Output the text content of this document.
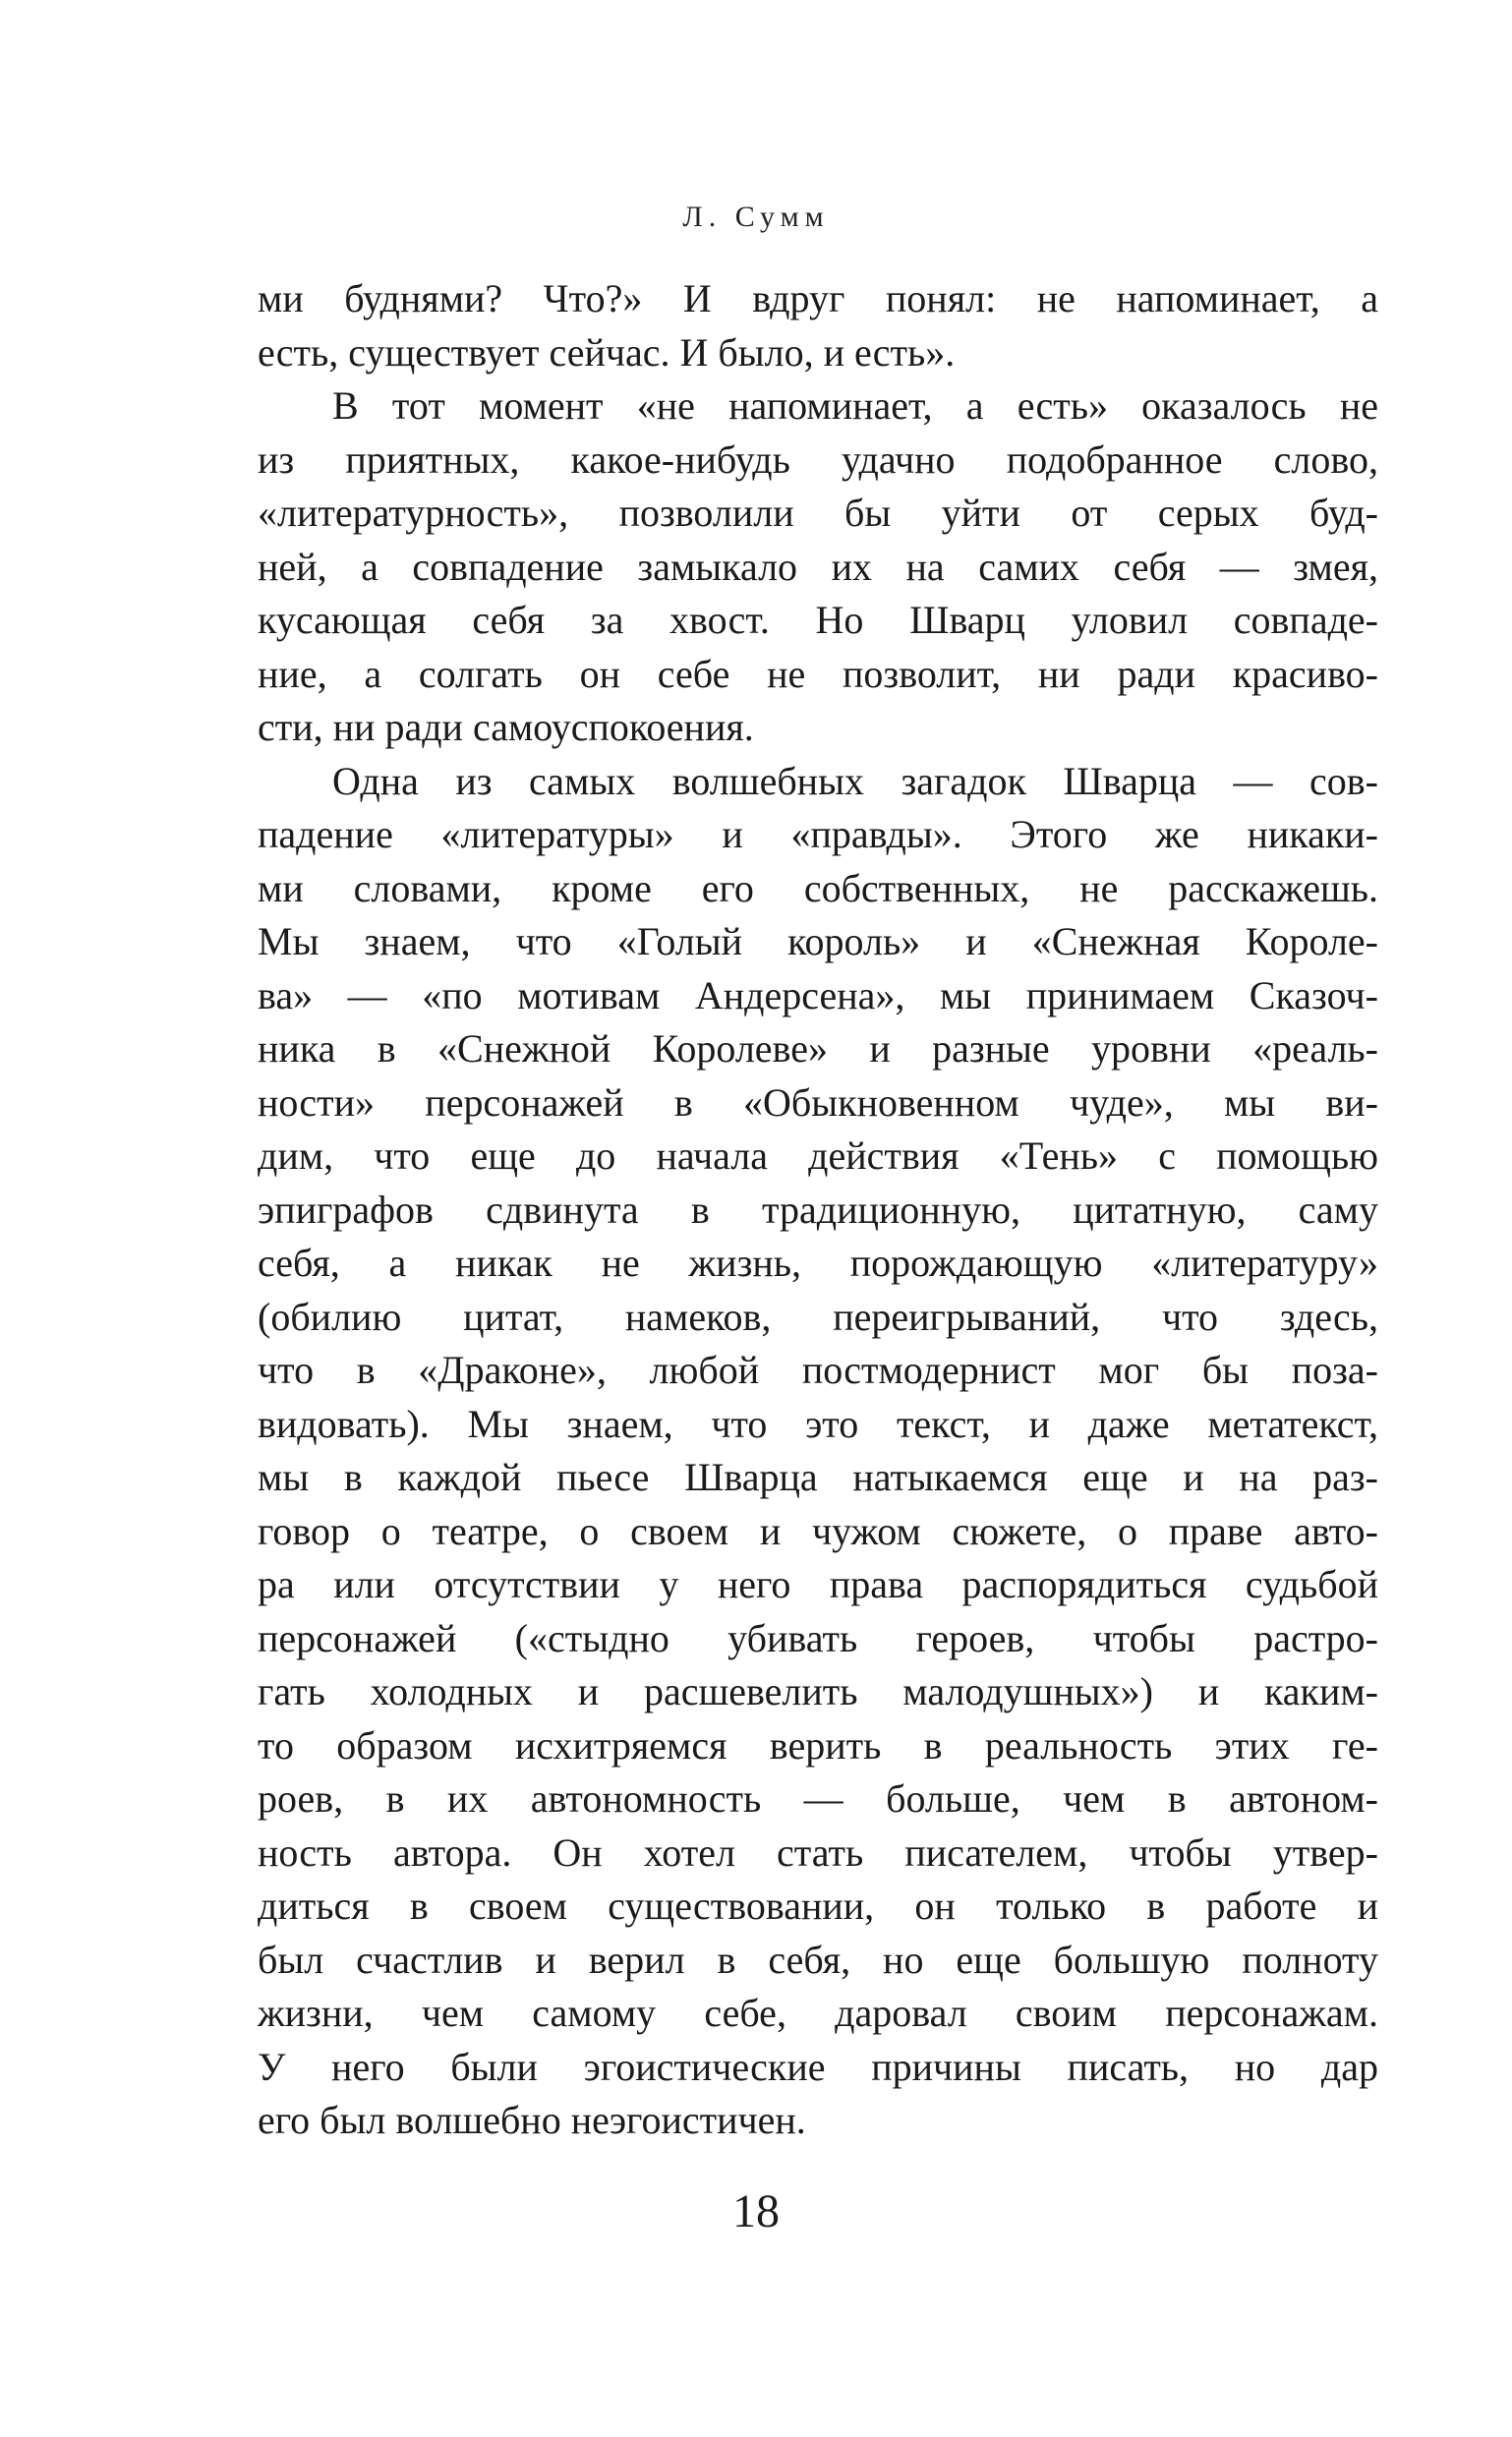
Л. Сумм
ми буднями? Что?» И вдруг понял: не напоминает, а
есть, существует сейчас. И было, и есть».
В тот момент «не напоминает, а есть» оказалось не
из приятных, какое-нибудь удачно подобранное слово,
«литературность», позволили бы уйти от серых буд-
ней, а совпадение замыкало их на самих себя — змея,
кусающая себя за хвост. Но Шварц уловил совпаде-
ние, а солгать он себе не позволит, ни ради красиво-
сти, ни ради самоуспокоения.
Одна из самых волшебных загадок Шварца — сов-
падение «литературы» и «правды». Этого же никаки-
ми словами, кроме его собственных, не расскажешь.
Мы знаем, что «Голый король» и «Снежная Короле-
ва» — «по мотивам Андерсена», мы принимаем Сказоч-
ника в «Снежной Королеве» и разные уровни «реаль-
ности» персонажей в «Обыкновенном чуде», мы ви-
дим, что еще до начала действия «Тень» с помощью
эпиграфов сдвинута в традиционную, цитатную, саму
себя, а никак не жизнь, порождающую «литературу»
(обилию цитат, намеков, переигрываний, что здесь,
что в «Драконе», любой постмодернист мог бы поза-
видовать). Мы знаем, что это текст, и даже метатекст,
мы в каждой пьесе Шварца натыкаемся еще и на раз-
говор о театре, о своем и чужом сюжете, о праве авто-
ра или отсутствии у него права распорядиться судьбой
персонажей («стыдно убивать героев, чтобы растро-
гать холодных и расшевелить малодушных») и каким-
то образом исхитряемся верить в реальность этих ге-
роев, в их автономность — больше, чем в автоном-
ность автора. Он хотел стать писателем, чтобы утвер-
диться в своем существовании, он только в работе и
был счастлив и верил в себя, но еще большую полноту
жизни, чем самому себе, даровал своим персонажам.
У него были эгоистические причины писать, но дар
его был волшебно неэгоистичен.
18
